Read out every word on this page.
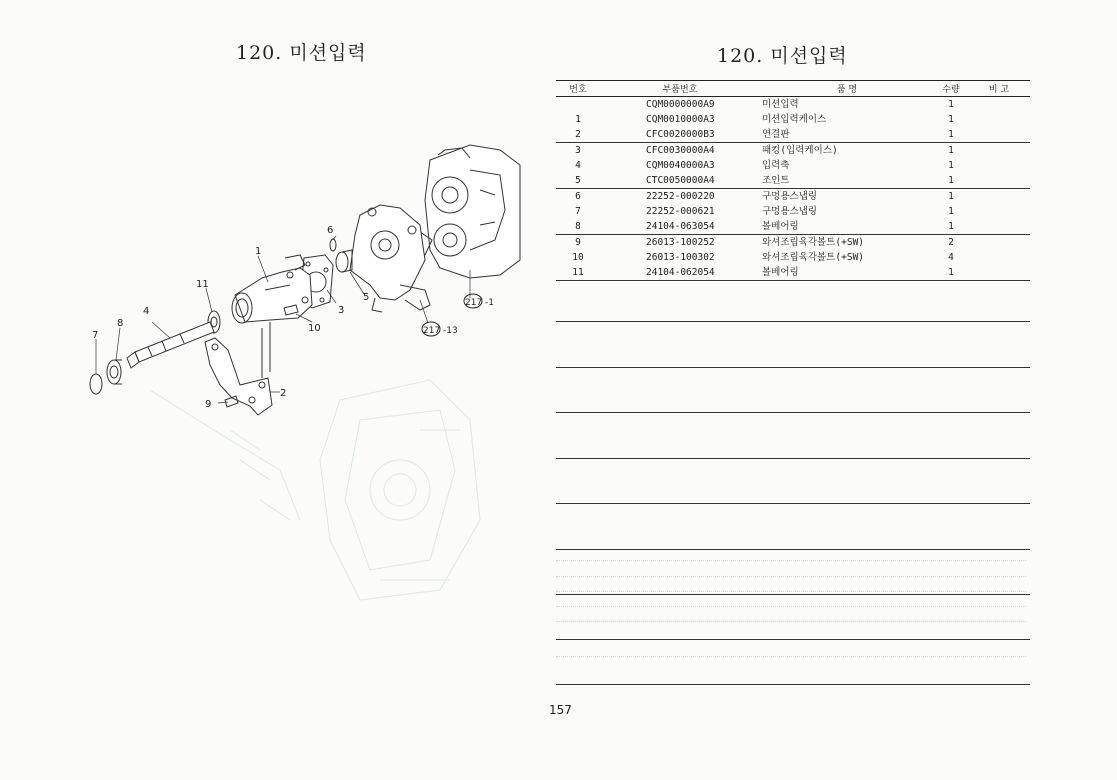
120. 미션입력
1
2
3
4
5
6
7
8
9
10
11
217 -1
217 -13
120. 미션입력
번호	부품번호	품 명	수량	비 고
	CQM0000000A9	미션입력	1	
1	CQM0010000A3	미션입력케이스	1	
2	CFC0020000B3	연결판	1	
3	CFC0030000A4	패킹(입력케이스)	1	
4	CQM0040000A3	입력축	1	
5	CTC0050000A4	조인트	1	
6	22252-000220	구멍용스냅링	1	
7	22252-000621	구멍용스냅링	1	
8	24104-063054	볼베어링	1	
9	26013-100252	와셔조립육각볼트(+SW)	2	
10	26013-100302	와셔조립육각볼트(+SW)	4	
11	24104-062054	볼베어링	1	
157
